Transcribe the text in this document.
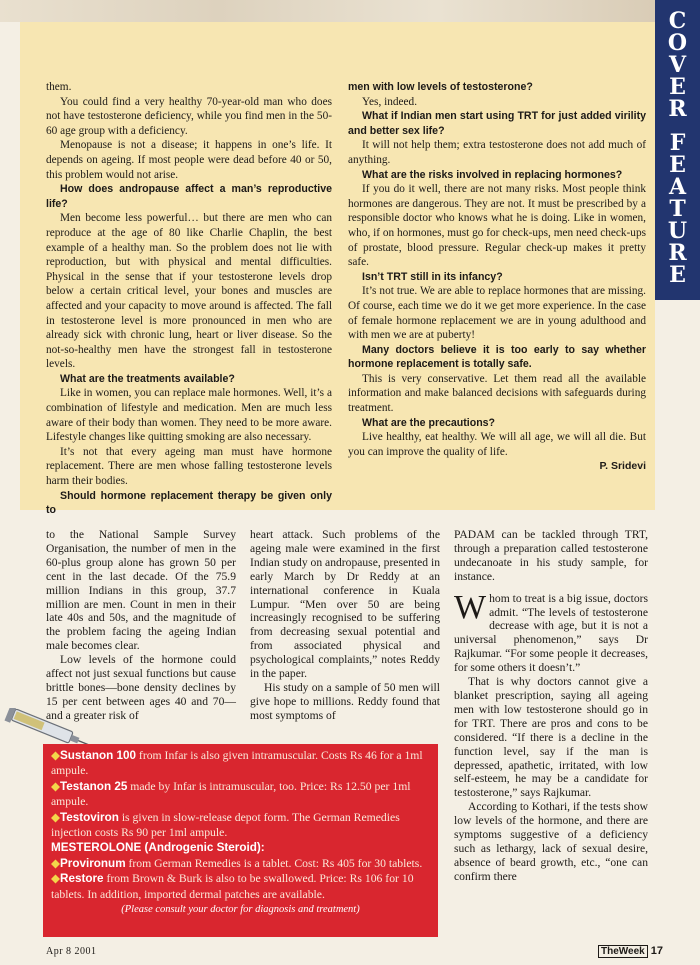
C
O
V
E
R
F
E
A
T
U
R
E

them.

You could find a very healthy 70-year-old man who does not have testosterone deficiency, while you find men in the 50-60 age group with a deficiency.

Menopause is not a disease; it happens in one’s life. It depends on ageing. If most people were dead before 40 or 50, this problem would not arise.

How does andropause affect a man’s reproductive life?

Men become less powerful… but there are men who can reproduce at the age of 80 like Charlie Chaplin, the best example of a healthy man. So the problem does not lie with reproduction, but with physical and mental difficulties. Physical in the sense that if your testosterone levels drop below a certain critical level, your bones and muscles are affected and your capacity to move around is affected. The fall in testosterone level is more pronounced in men who are already sick with chronic lung, heart or liver disease. So the not-so-healthy men have the strongest fall in testosterone levels.

What are the treatments available?

Like in women, you can replace male hormones. Well, it’s a combination of lifestyle and medication. Men are much less aware of their body than women. They need to be more aware. Lifestyle changes like quitting smoking are also necessary.

It’s not that every ageing man must have hormone replacement. There are men whose falling testosterone levels harm their bodies.

Should hormone replacement therapy be given only to

men with low levels of testosterone?

Yes, indeed.

What if Indian men start using TRT for just added virility and better sex life?

It will not help them; extra testosterone does not add much of anything.

What are the risks involved in replacing hormones?

If you do it well, there are not many risks. Most people think hormones are dangerous. They are not. It must be prescribed by a responsible doctor who knows what he is doing. Like in women, who, if on hormones, must go for check-ups, men need check-ups of prostate, blood pressure. Regular check-up makes it pretty safe.

Isn’t TRT still in its infancy?

It’s not true. We are able to replace hormones that are missing. Of course, each time we do it we get more experience. In the case of female hormone replacement we are in young adulthood and with men we are at puberty!

Many doctors believe it is too early to say whether hormone replacement is totally safe.

This is very conservative. Let them read all the available information and make balanced decisions with safeguards during treatment.

What are the precautions?

Live healthy, eat healthy. We will all age, we will all die. But you can improve the quality of life.

P. Sridevi

to the National Sample Survey Organisation, the number of men in the 60-plus group alone has grown 50 per cent in the last decade. Of the 75.9 million Indians in this group, 37.7 million are men. Count in men in their late 40s and 50s, and the magnitude of the problem facing the ageing Indian male becomes clear.

Low levels of the hormone could affect not just sexual functions but cause brittle bones—bone density declines by 15 per cent between ages 40 and 70—and a greater risk of

heart attack. Such problems of the ageing male were examined in the first Indian study on andropause, presented in early March by Dr Reddy at an international conference in Kuala Lumpur. “Men over 50 are being increasingly recognised to be suffering from decreasing sexual potential and from associated physical and psychological complaints,” notes Reddy in the paper.

His study on a sample of 50 men will give hope to millions. Reddy found that most symptoms of

PADAM can be tackled through TRT, through a preparation called testosterone undecanoate in his study sample, for instance.

W hom to treat is a big issue, doctors admit. “The levels of testosterone decrease with age, but it is not a universal phenomenon,” says Dr Rajkumar. “For some people it decreases, for some others it doesn’t.”

That is why doctors cannot give a blanket prescription, saying all ageing men with low testosterone should go in for TRT. There are pros and cons to be considered. “If there is a decline in the function level, say if the man is depressed, apathetic, irritated, with low self-esteem, he may be a candidate for testosterone,” says Rajkumar.

According to Kothari, if the tests show low levels of the hormone, and there are symptoms suggestive of a deficiency such as lethargy, lack of sexual desire, absence of beard growth, etc., “one can confirm there

◆Sustanon 100 from Infar is also given intramuscular. Costs Rs 46 for a 1ml ampule.

◆Testanon 25 made by Infar is intramuscular, too. Price: Rs 12.50 per 1ml ampule.

◆Testoviron is given in slow-release depot form. The German Remedies injection costs Rs 90 per 1ml ampule.

MESTEROLONE (Androgenic Steroid):

◆Provironum from German Remedies is a tablet. Cost: Rs 405 for 30 tablets.

◆Restore from Brown & Burk is also to be swallowed. Price: Rs 106 for 10 tablets. In addition, imported dermal patches are available.

(Please consult your doctor for diagnosis and treatment)

Apr 8 2001	TheWeek 17
